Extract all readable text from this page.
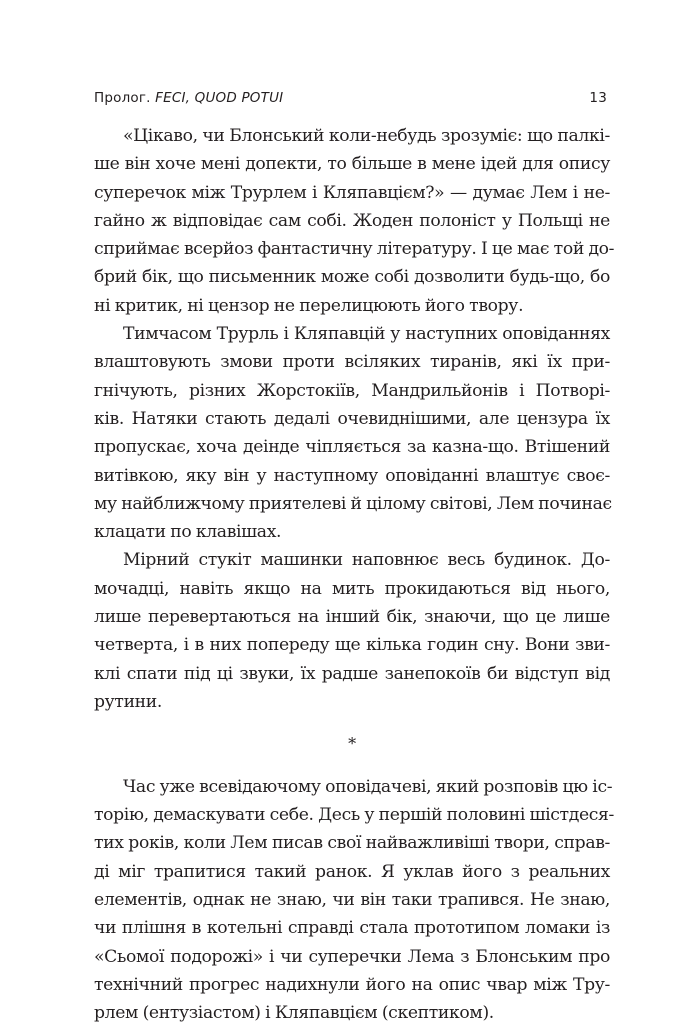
Пролог. FECI, QUOD POTUI	13
«Цікаво, чи Блонський коли-небудь зрозуміє: що палкі-
ше він хоче мені допекти, то більше в мене ідей для опису
суперечок між Трурлем і Кляпавцієм?» — думає Лем і не-
гайно ж відповідає сам собі. Жоден полоніст у Польщі не
сприймає всерйоз фантастичну літературу. І це має той до-
брий бік, що письменник може собі дозволити будь-що, бо
ні критик, ні цензор не перелицюють його твору.
Тимчасом Трурль і Кляпавцій у наступних оповіданнях
влаштовують змови проти всіляких тиранів, які їх при-
гнічують, різних Жорстокіїв, Мандрильйонів і Потворі-
ків. Натяки стають дедалі очевиднішими, але цензура їх
пропускає, хоча деінде чіпляється за казна-що. Втішений
витівкою, яку він у наступному оповіданні влаштує своє-
му найближчому приятелеві й цілому світові, Лем починає
клацати по клавішах.
Мірний стукіт машинки наповнює весь будинок. До-
мочадці, навіть якщо на мить прокидаються від нього,
лише перевертаються на інший бік, знаючи, що це лише
четверта, і в них попереду ще кілька годин сну. Вони зви-
клі спати під ці звуки, їх радше занепокоїв би відступ від
рутини.
*
Час уже всевідаючому оповідачеві, який розповів цю іс-
торію, демаскувати себе. Десь у першій половині шістдеся-
тих років, коли Лем писав свої найважливіші твори, справ-
ді міг трапитися такий ранок. Я уклав його з реальних
елементів, однак не знаю, чи він таки трапився. Не знаю,
чи плішня в котельні справді стала прототипом ломаки із
«Сьомої подорожі» і чи суперечки Лема з Блонським про
технічний прогрес надихнули його на опис чвар між Тру-
рлем (ентузіастом) і Кляпавцієм (скептиком).
